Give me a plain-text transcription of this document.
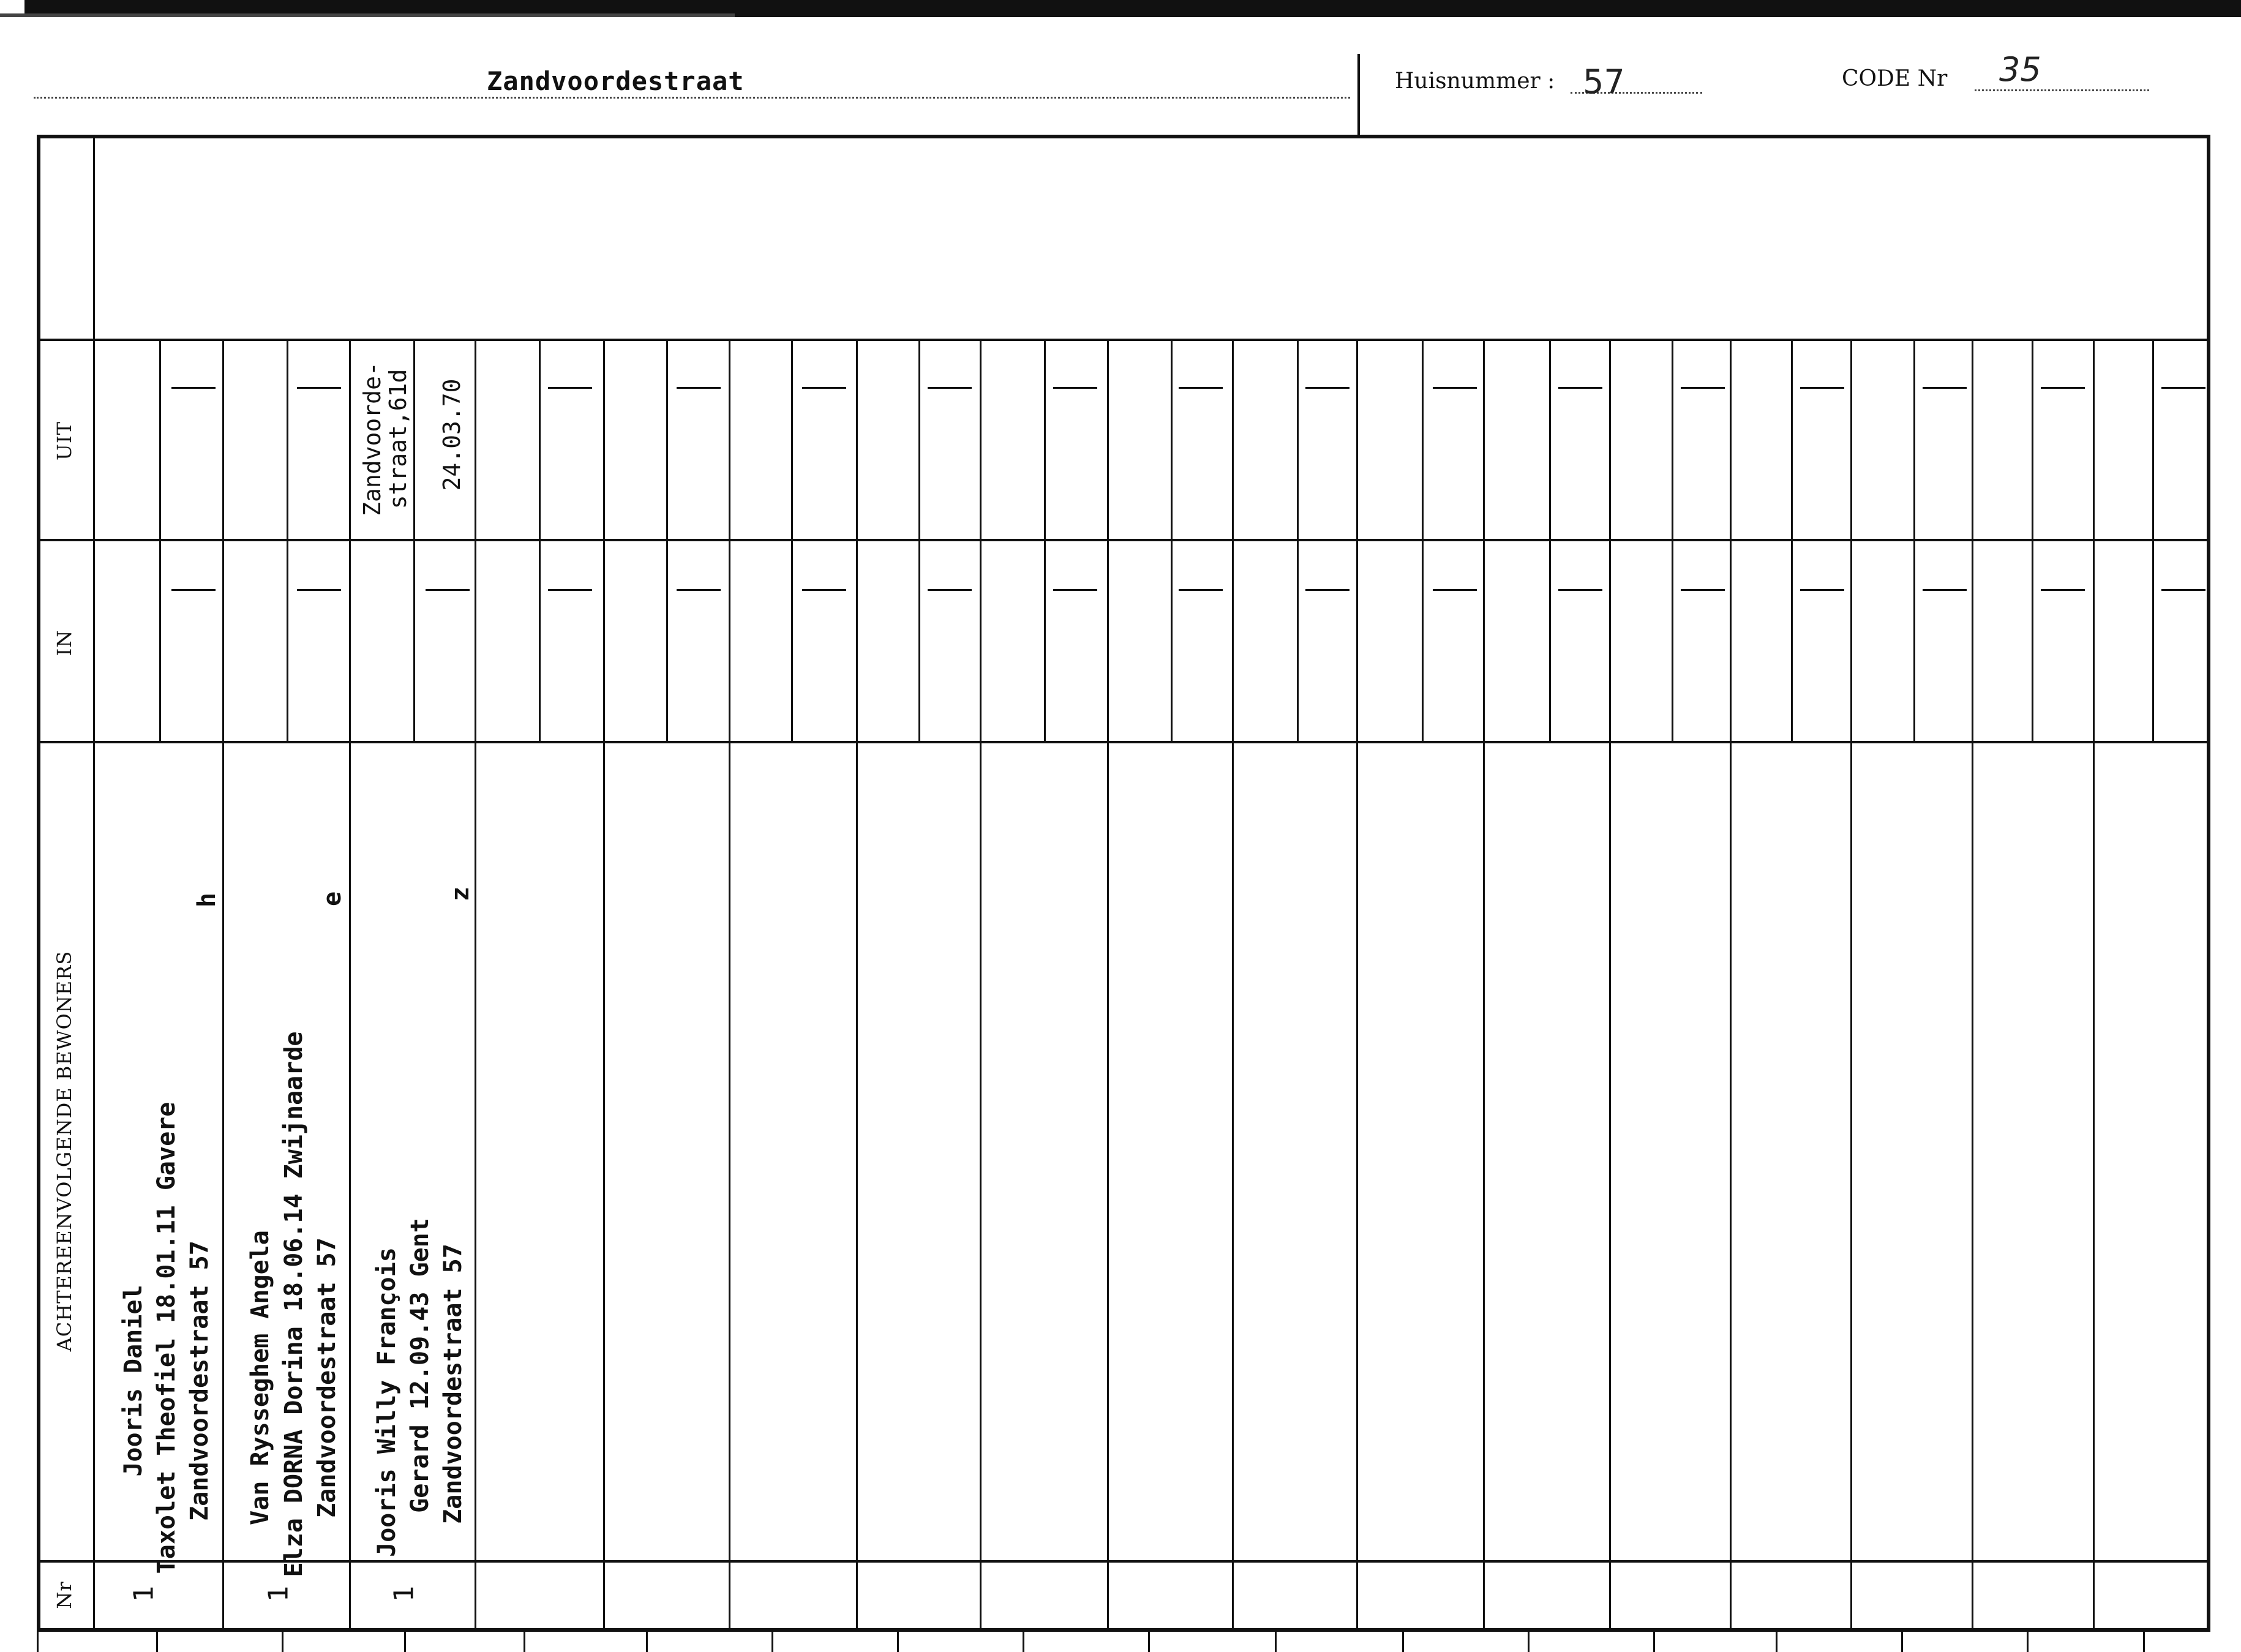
Zandvoordestraat	Huisnummer : 57	CODE Nr 35
UIT
IN
ACHTEREENVOLGENDE BEWONERS
Nr
Jooris Daniel Taxolet Theofiel 18.01.11 Gavere Zandvoordestraat 57
h
1
Van Rysseghem Angela Elza DORNA Dorina 18.06.14 Zwijnaarde Zandvoordestraat 57
e
1
Jooris Willy François Gerard 12.09.43 Gent Zandvoordestraat 57
z
1
Zandvoorde-
straat,61d 24.03.70
